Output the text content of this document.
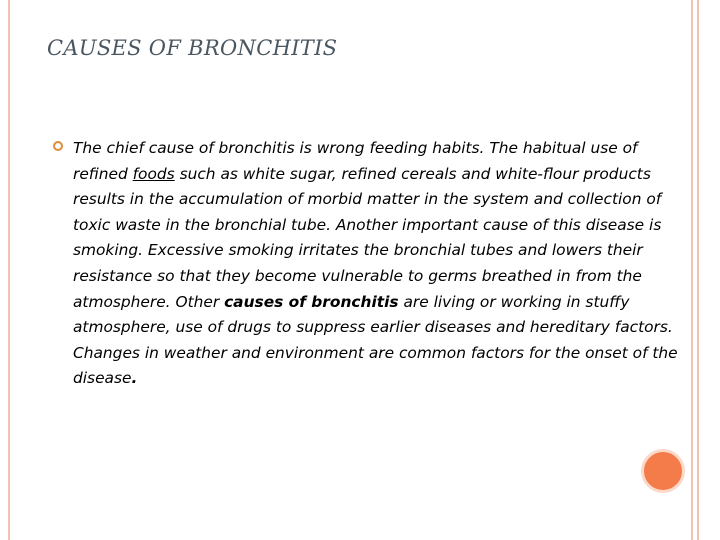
CAUSES OF BRONCHITIS

The chief cause of bronchitis is wrong feeding habits. The habitual use of refined foods such as white sugar, refined cereals and white-flour products results in the accumulation of morbid matter in the system and collection of toxic waste in the bronchial tube. Another important cause of this disease is smoking. Excessive smoking irritates the bronchial tubes and lowers their resistance so that they become vulnerable to germs breathed in from the atmosphere. Other causes of bronchitis are living or working in stuffy atmosphere, use of drugs to suppress earlier diseases and hereditary factors. Changes in weather and environment are common factors for the onset of the disease.
